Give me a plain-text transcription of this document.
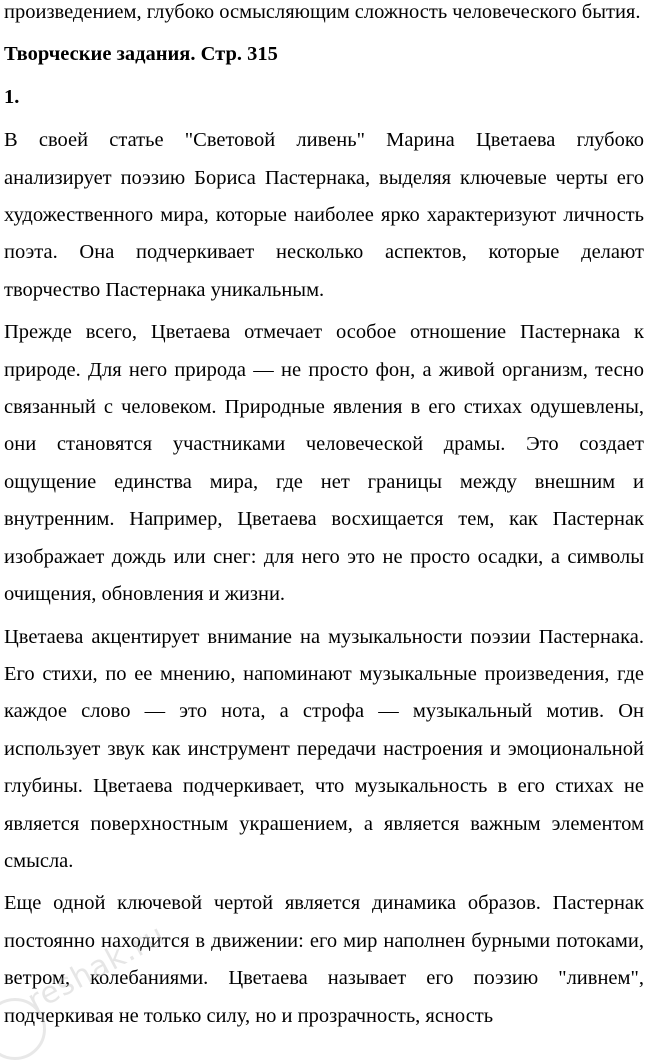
произведением, глубоко осмысляющим сложность человеческого бытия.

Творческие задания. Стр. 315

1.

В своей статье "Световой ливень" Марина Цветаева глубоко анализирует поэзию Бориса Пастернака, выделяя ключевые черты его художественного мира, которые наиболее ярко характеризуют личность поэта. Она подчеркивает несколько аспектов, которые делают творчество Пастернака уникальным.

Прежде всего, Цветаева отмечает особое отношение Пастернака к природе. Для него природа — не просто фон, а живой организм, тесно связанный с человеком. Природные явления в его стихах одушевлены, они становятся участниками человеческой драмы. Это создает ощущение единства мира, где нет границы между внешним и внутренним. Например, Цветаева восхищается тем, как Пастернак изображает дождь или снег: для него это не просто осадки, а символы очищения, обновления и жизни.

Цветаева акцентирует внимание на музыкальности поэзии Пастернака. Его стихи, по ее мнению, напоминают музыкальные произведения, где каждое слово — это нота, а строфа — музыкальный мотив. Он использует звук как инструмент передачи настроения и эмоциональной глубины. Цветаева подчеркивает, что музыкальность в его стихах не является поверхностным украшением, а является важным элементом смысла.

Еще одной ключевой чертой является динамика образов. Пастернак постоянно находится в движении: его мир наполнен бурными потоками, ветром, колебаниями. Цветаева называет его поэзию "ливнем", подчеркивая не только силу, но и прозрачность, ясность

reshak.ru
